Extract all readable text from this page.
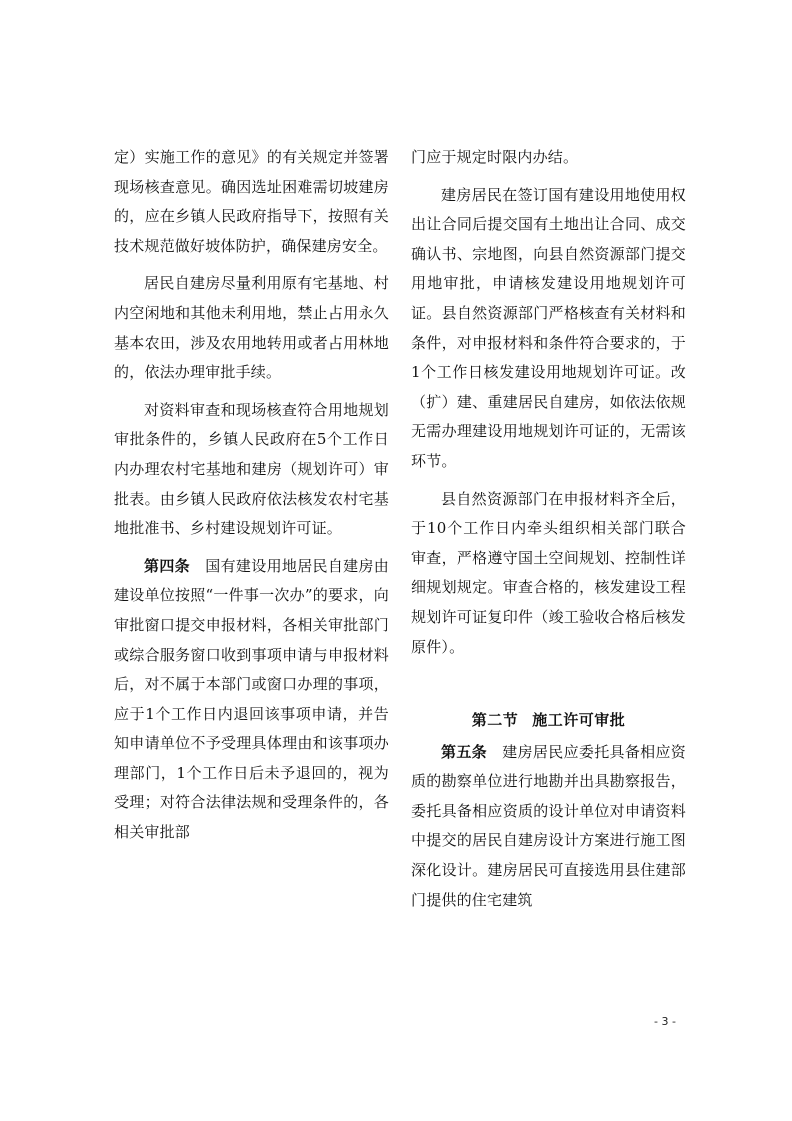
定）实施工作的意见》的有关规定并签署现场核查意见。确因选址困难需切坡建房的，应在乡镇人民政府指导下，按照有关技术规范做好坡体防护，确保建房安全。

居民自建房尽量利用原有宅基地、村内空闲地和其他未利用地，禁止占用永久基本农田，涉及农用地转用或者占用林地的，依法办理审批手续。

对资料审查和现场核查符合用地规划审批条件的，乡镇人民政府在5个工作日内办理农村宅基地和建房（规划许可）审批表。由乡镇人民政府依法核发农村宅基地批准书、乡村建设规划许可证。

第四条　国有建设用地居民自建房由建设单位按照“一件事一次办”的要求，向审批窗口提交申报材料，各相关审批部门或综合服务窗口收到事项申请与申报材料后，对不属于本部门或窗口办理的事项，应于1个工作日内退回该事项申请，并告知申请单位不予受理具体理由和该事项办理部门，1个工作日后未予退回的，视为受理；对符合法律法规和受理条件的，各相关审批部

门应于规定时限内办结。

建房居民在签订国有建设用地使用权出让合同后提交国有土地出让合同、成交确认书、宗地图，向县自然资源部门提交用地审批，申请核发建设用地规划许可证。县自然资源部门严格核查有关材料和条件，对申报材料和条件符合要求的，于1个工作日核发建设用地规划许可证。改（扩）建、重建居民自建房，如依法依规无需办理建设用地规划许可证的，无需该环节。

县自然资源部门在申报材料齐全后，于10个工作日内牵头组织相关部门联合审查，严格遵守国土空间规划、控制性详细规划规定。审查合格的，核发建设工程规划许可证复印件（竣工验收合格后核发原件）。

第二节 施工许可审批

第五条　建房居民应委托具备相应资质的勘察单位进行地勘并出具勘察报告，委托具备相应资质的设计单位对申请资料中提交的居民自建房设计方案进行施工图深化设计。建房居民可直接选用县住建部门提供的住宅建筑

- 3 -
